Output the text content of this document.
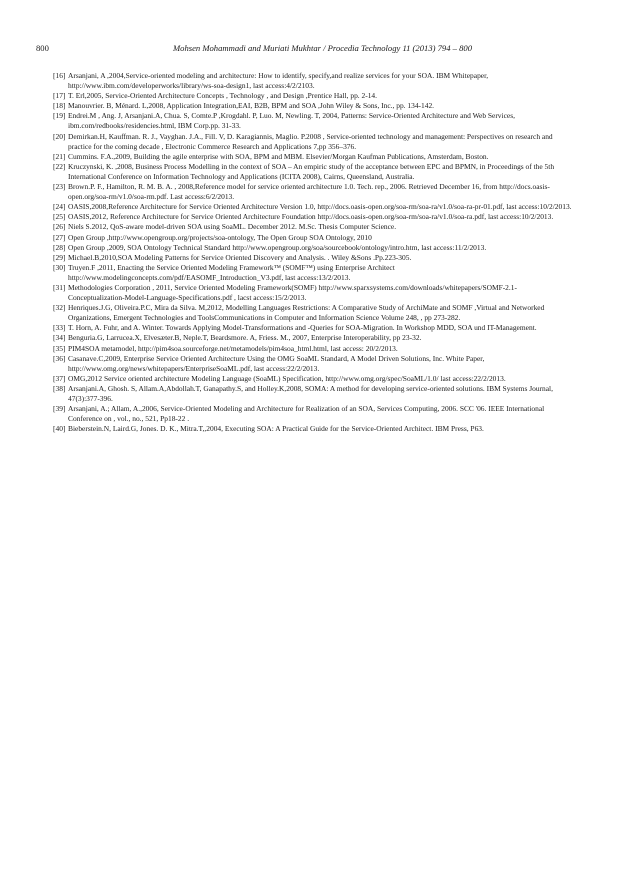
800	Mohsen Mohammadi and Muriati Mukhtar / Procedia Technology 11 (2013) 794 – 800
[16] Arsanjani, A ,2004,Service-oriented modeling and architecture: How to identify, specify,and realize services for your SOA. IBM Whitepaper, http://www.ibm.com/developerworks/library/ws-soa-design1, last access:4/2/2103.
[17] T. Erl,2005, Service-Oriented Architecture Concepts , Technology , and Design ,Prentice Hall, pp. 2-14.
[18] Manouvrier. B, Ménard. L,2008, Application Integration,EAI, B2B, BPM and SOA ,John Wiley & Sons, Inc., pp. 134-142.
[19] Endrei.M , Ang. J, Arsanjani.A, Chua. S, Comte.P ,Krogdahl. P, Luo. M, Newling. T, 2004, Patterns: Service-Oriented Architecture and Web Services, ibm.com/redbooks/residencies.html, IBM Corp.pp. 31-33.
[20] Demirkan.H, Kauffman. R. J., Vayghan. J.A., Fill. V, D. Karagiannis, Maglio. P.2008 , Service-oriented technology and management: Perspectives on research and practice for the coming decade , Electronic Commerce Research and Applications 7,pp 356–376.
[21] Cummins. F.A.,2009, Building the agile enterprise with SOA, BPM and MBM. Elsevier/Morgan Kaufman Publications, Amsterdam, Boston.
[22] Kruczynski, K. ,2008, Business Process Modelling in the context of SOA – An empiric study of the acceptance between EPC and BPMN, in Proceedings of the 5th International Conference on Information Technology and Applications (ICITA 2008), Cairns, Queensland, Australia.
[23] Brown.P. F., Hamilton, R. M. B. A. , 2008,Reference model for service oriented architecture 1.0. Tech. rep., 2006. Retrieved December 16, from http://docs.oasis-open.org/soa-rm/v1.0/soa-rm.pdf. Last access:6/2/2013.
[24] OASIS,2008,Reference Architecture for Service Oriented Architecture Version 1.0, http://docs.oasis-open.org/soa-rm/soa-ra/v1.0/soa-ra-pr-01.pdf, last access:10/2/2013.
[25] OASIS,2012, Reference Architecture for Service Oriented Architecture Foundation http://docs.oasis-open.org/soa-rm/soa-ra/v1.0/soa-ra.pdf, last access:10/2/2013.
[26] Niels S.2012, QoS-aware model-driven SOA using SoaML. December 2012. M.Sc. Thesis Computer Science.
[27] Open Group ,http://www.opengroup.org/projects/soa-ontology, The Open Group SOA Ontology, 2010
[28] Open Group ,2009, SOA Ontology Technical Standard http://www.opengroup.org/soa/sourcebook/ontology/intro.htm, last access:11/2/2013.
[29] Michael.B,2010,SOA Modeling Patterns for Service Oriented Discovery and Analysis. . Wiley &Sons .Pp.223-305.
[30] Truyen.F ,2011, Enacting the Service Oriented Modeling Framework™ (SOMF™) using Enterprise Architect http://www.modelingconcepts.com/pdf/EASOMF_Introduction_V3.pdf, last access:13/2/2013.
[31] Methodologies Corporation , 2011, Service Oriented Modeling Framework(SOMF) http://www.sparxsystems.com/downloads/whitepapers/SOMF-2.1-Conceptualization-Model-Language-Specifications.pdf , lacst access:15/2/2013.
[32] Henriques.J.G, Oliveira.P.C, Mira da Silva. M,2012, Modelling Languages Restrictions: A Comparative Study of ArchiMate and SOMF ,Virtual and Networked Organizations, Emergent Technologies and ToolsCommunications in Computer and Information Science Volume 248, , pp 273-282.
[33] T. Horn, A. Fuhr, and A. Winter. Towards Applying Model-Transformations and -Queries for SOA-Migration. In Workshop MDD, SOA und IT-Management.
[34] Benguria.G, Larrucea.X, Elvesæter.B, Neple.T, Beardsmore. A, Friess. M., 2007, Enterprise Interoperability, pp 23-32.
[35] PIM4SOA metamodel, http://pim4soa.sourceforge.net/metamodels/pim4soa_html.html, last access: 20/2/2013.
[36] Casanave.C,2009, Enterprise Service Oriented Architecture Using the OMG SoaML Standard, A Model Driven Solutions, Inc. White Paper, http://www.omg.org/news/whitepapers/EnterpriseSoaML.pdf, last access:22/2/2013.
[37] OMG,2012 Service oriented architecture Modeling Language (SoaML) Specification, http://www.omg.org/spec/SoaML/1.0/ last access:22/2/2013.
[38] Arsanjani.A, Ghosh. S, Allam.A,Abdollah.T, Ganapathy.S, and Holley.K,2008, SOMA: A method for developing service-oriented solutions. IBM Systems Journal, 47(3):377-396.
[39] Arsanjani, A.; Allam, A.,2006, Service-Oriented Modeling and Architecture for Realization of an SOA, Services Computing, 2006. SCC '06. IEEE International Conference on , vol., no., 521, Pp18-22 .
[40] Bieberstein.N, Laird.G, Jones. D. K., Mitra.T,,2004, Executing SOA: A Practical Guide for the Service-Oriented Architect. IBM Press, P63.
